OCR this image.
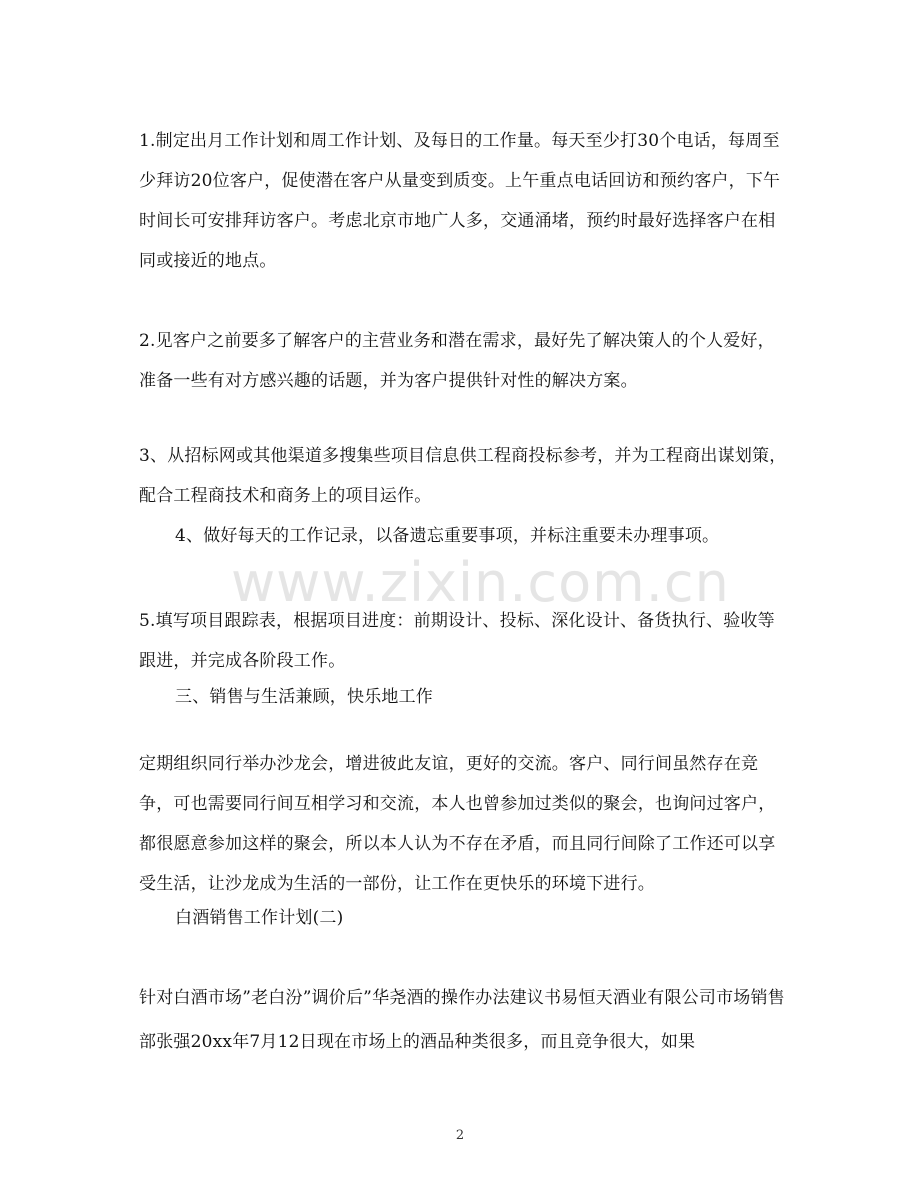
www.zixin.com.cn

1.制定出月工作计划和周工作计划、及每日的工作量。每天至少打30个电话，每周至少拜访20位客户，促使潜在客户从量变到质变。上午重点电话回访和预约客户，下午时间长可安排拜访客户。考虑北京市地广人多，交通涌堵，预约时最好选择客户在相同或接近的地点。

2.见客户之前要多了解客户的主营业务和潜在需求，最好先了解决策人的个人爱好，准备一些有对方感兴趣的话题，并为客户提供针对性的解决方案。

3、从招标网或其他渠道多搜集些项目信息供工程商投标参考，并为工程商出谋划策，配合工程商技术和商务上的项目运作。

4、做好每天的工作记录，以备遗忘重要事项，并标注重要未办理事项。

5.填写项目跟踪表，根据项目进度：前期设计、投标、深化设计、备货执行、验收等跟进，并完成各阶段工作。

三、销售与生活兼顾，快乐地工作

定期组织同行举办沙龙会，增进彼此友谊，更好的交流。客户、同行间虽然存在竞争，可也需要同行间互相学习和交流，本人也曾参加过类似的聚会，也询问过客户，都很愿意参加这样的聚会，所以本人认为不存在矛盾，而且同行间除了工作还可以享受生活，让沙龙成为生活的一部份，让工作在更快乐的环境下进行。

白酒销售工作计划(二)

针对白酒市场”老白汾”调价后”华尧酒的操作办法建议书易恒天酒业有限公司市场销售部张强20xx年7月12日现在市场上的酒品种类很多，而且竞争很大，如果

2
